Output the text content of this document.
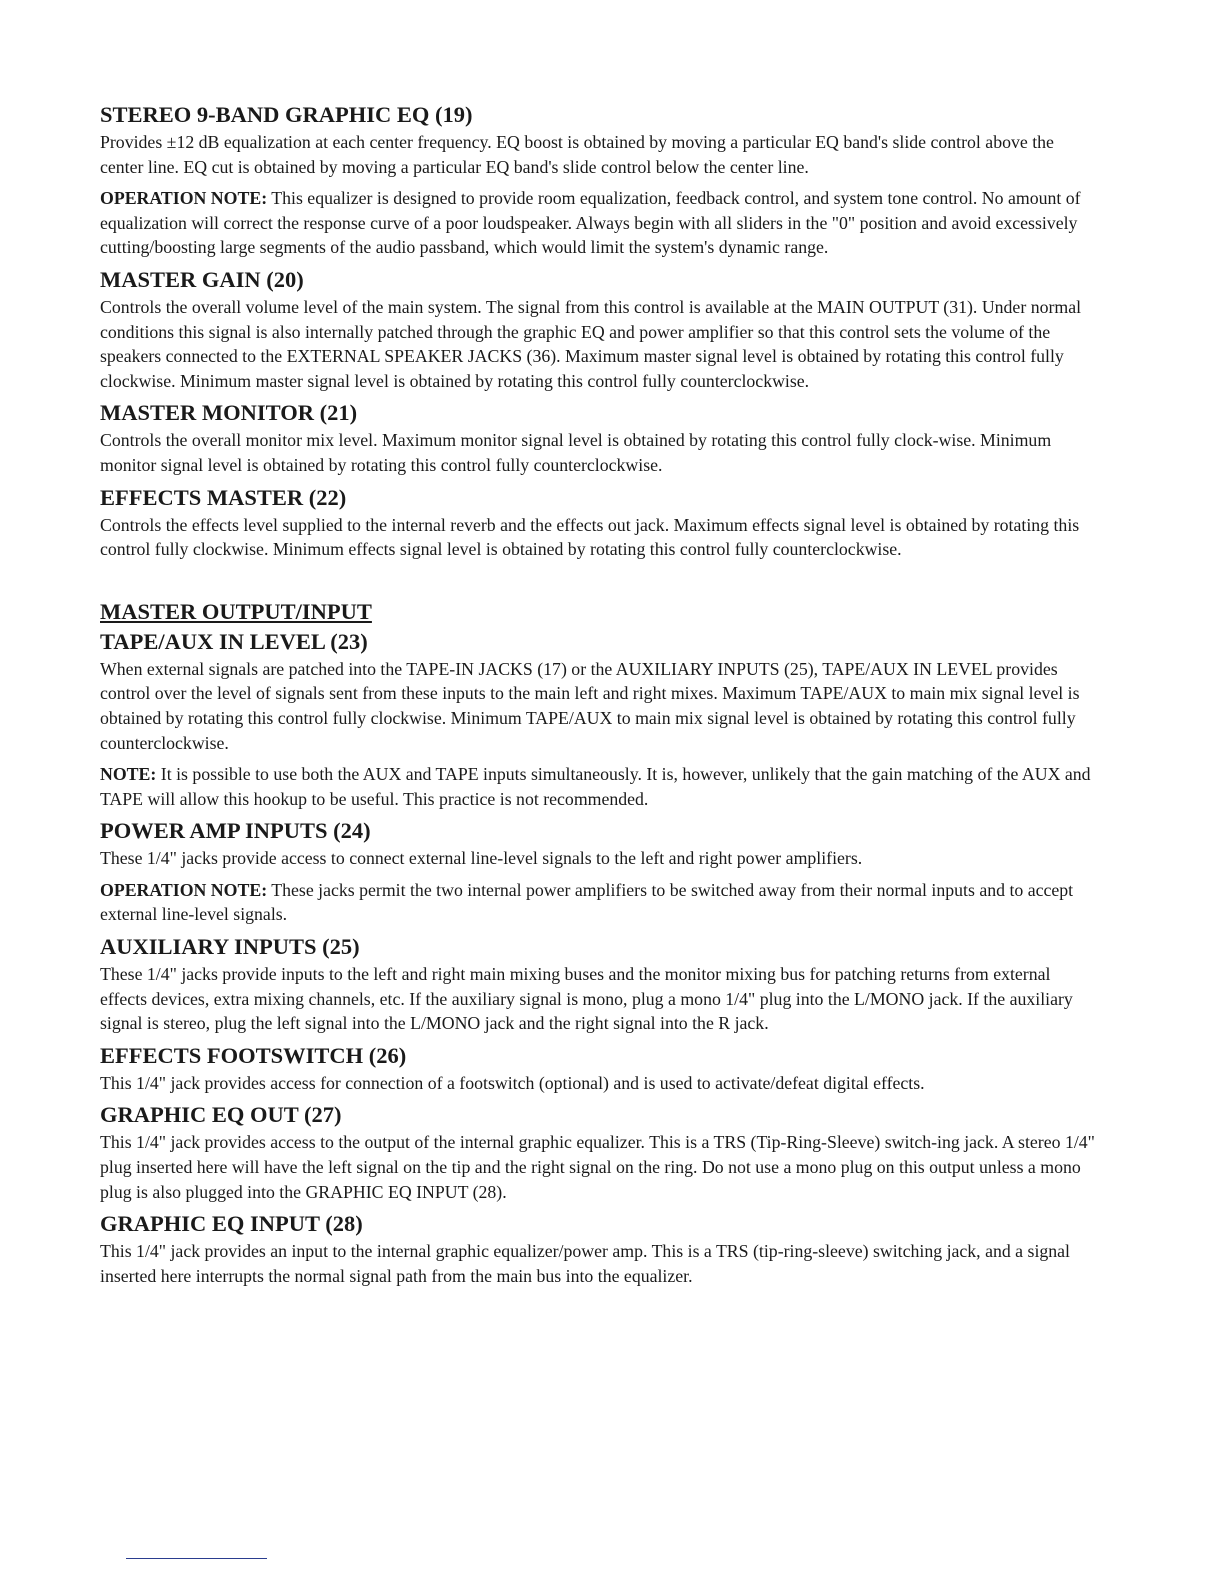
STEREO 9-BAND GRAPHIC EQ (19)

Provides ±12 dB equalization at each center frequency. EQ boost is obtained by moving a particular EQ band's slide control above the center line. EQ cut is obtained by moving a particular EQ band's slide control below the center line.

OPERATION NOTE: This equalizer is designed to provide room equalization, feedback control, and system tone control. No amount of equalization will correct the response curve of a poor loudspeaker. Always begin with all sliders in the "0" position and avoid excessively cutting/boosting large segments of the audio passband, which would limit the system's dynamic range.

MASTER GAIN (20)

Controls the overall volume level of the main system. The signal from this control is available at the MAIN OUTPUT (31). Under normal conditions this signal is also internally patched through the graphic EQ and power amplifier so that this control sets the volume of the speakers connected to the EXTERNAL SPEAKER JACKS (36). Maximum master signal level is obtained by rotating this control fully clockwise. Minimum master signal level is obtained by rotating this control fully counterclockwise.

MASTER MONITOR (21)

Controls the overall monitor mix level. Maximum monitor signal level is obtained by rotating this control fully clock-wise. Minimum monitor signal level is obtained by rotating this control fully counterclockwise.

EFFECTS MASTER (22)

Controls the effects level supplied to the internal reverb and the effects out jack. Maximum effects signal level is obtained by rotating this control fully clockwise. Minimum effects signal level is obtained by rotating this control fully counterclockwise.

MASTER OUTPUT/INPUT
TAPE/AUX IN LEVEL (23)

When external signals are patched into the TAPE-IN JACKS (17) or the AUXILIARY INPUTS (25), TAPE/AUX IN LEVEL provides control over the level of signals sent from these inputs to the main left and right mixes. Maximum TAPE/AUX to main mix signal level is obtained by rotating this control fully clockwise. Minimum TAPE/AUX to main mix signal level is obtained by rotating this control fully counterclockwise.

NOTE: It is possible to use both the AUX and TAPE inputs simultaneously. It is, however, unlikely that the gain matching of the AUX and TAPE will allow this hookup to be useful. This practice is not recommended.

POWER AMP INPUTS (24)

These 1/4" jacks provide access to connect external line-level signals to the left and right power amplifiers.

OPERATION NOTE: These jacks permit the two internal power amplifiers to be switched away from their normal inputs and to accept external line-level signals.

AUXILIARY INPUTS (25)

These 1/4" jacks provide inputs to the left and right main mixing buses and the monitor mixing bus for patching returns from external effects devices, extra mixing channels, etc. If the auxiliary signal is mono, plug a mono 1/4" plug into the L/MONO jack. If the auxiliary signal is stereo, plug the left signal into the L/MONO jack and the right signal into the R jack.

EFFECTS FOOTSWITCH (26)

This 1/4" jack provides access for connection of a footswitch (optional) and is used to activate/defeat digital effects.

GRAPHIC EQ OUT (27)

This 1/4" jack provides access to the output of the internal graphic equalizer. This is a TRS (Tip-Ring-Sleeve) switch-ing jack. A stereo 1/4" plug inserted here will have the left signal on the tip and the right signal on the ring. Do not use a mono plug on this output unless a mono plug is also plugged into the GRAPHIC EQ INPUT (28).

GRAPHIC EQ INPUT (28)

This 1/4" jack provides an input to the internal graphic equalizer/power amp. This is a TRS (tip-ring-sleeve) switching jack, and a signal inserted here interrupts the normal signal path from the main bus into the equalizer.
